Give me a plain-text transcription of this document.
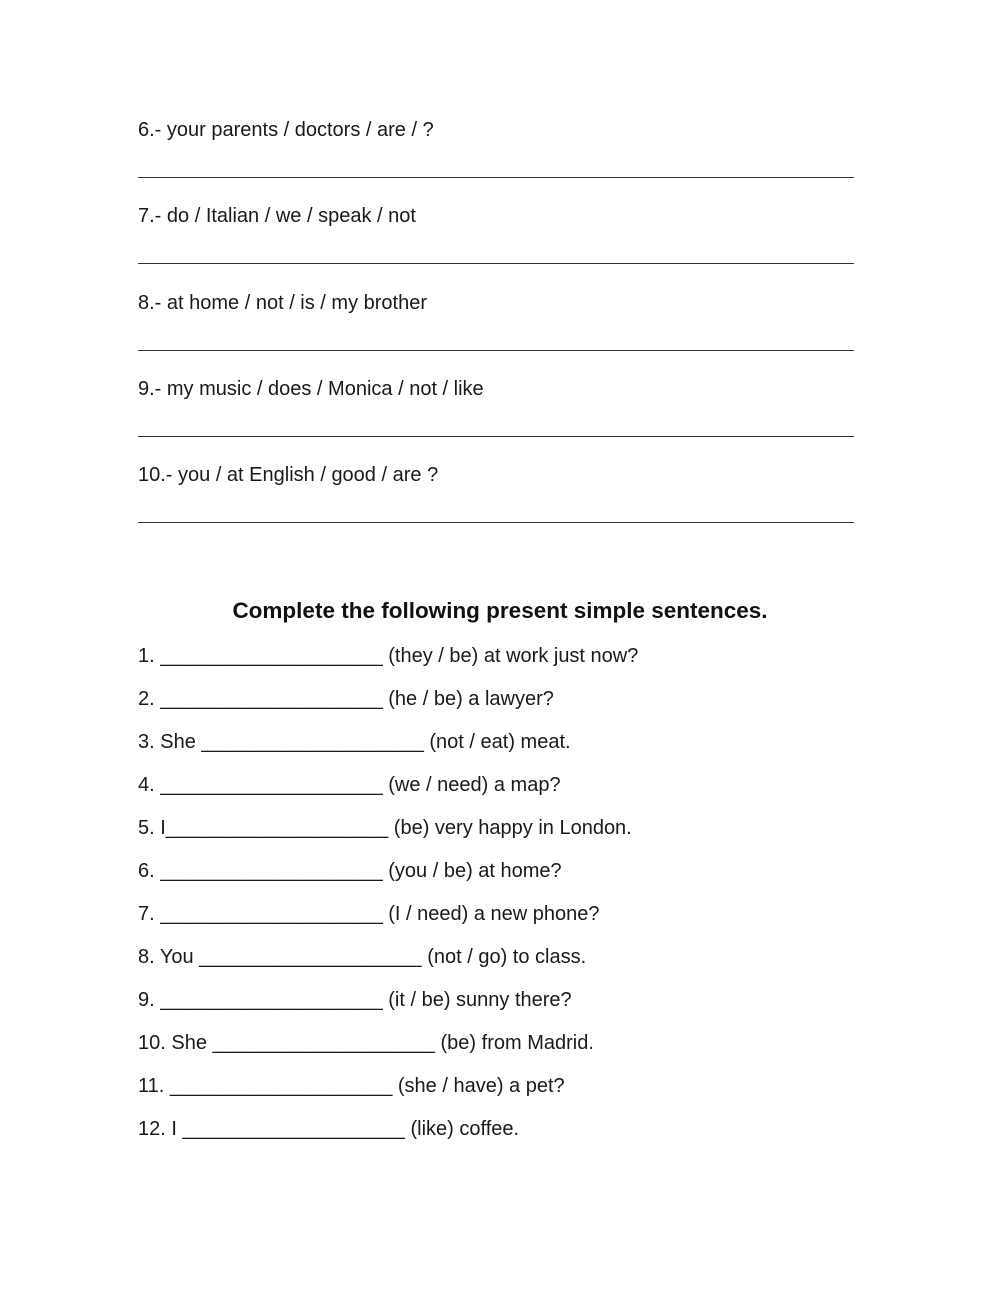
6.- your parents / doctors / are / ?
7.- do / Italian / we / speak / not
8.- at home / not / is / my brother
9.- my music / does / Monica / not / like
10.- you / at English / good / are ?
Complete the following present simple sentences.
1. ____________________ (they / be) at work just now?
2. ____________________ (he / be) a lawyer?
3. She ____________________ (not / eat) meat.
4. ____________________ (we / need) a map?
5. I____________________ (be) very happy in London.
6. ____________________ (you / be) at home?
7. ____________________ (I / need) a new phone?
8. You ____________________ (not / go) to class.
9. ____________________ (it / be) sunny there?
10. She ____________________ (be) from Madrid.
11. ____________________ (she / have) a pet?
12. I ____________________ (like) coffee.
